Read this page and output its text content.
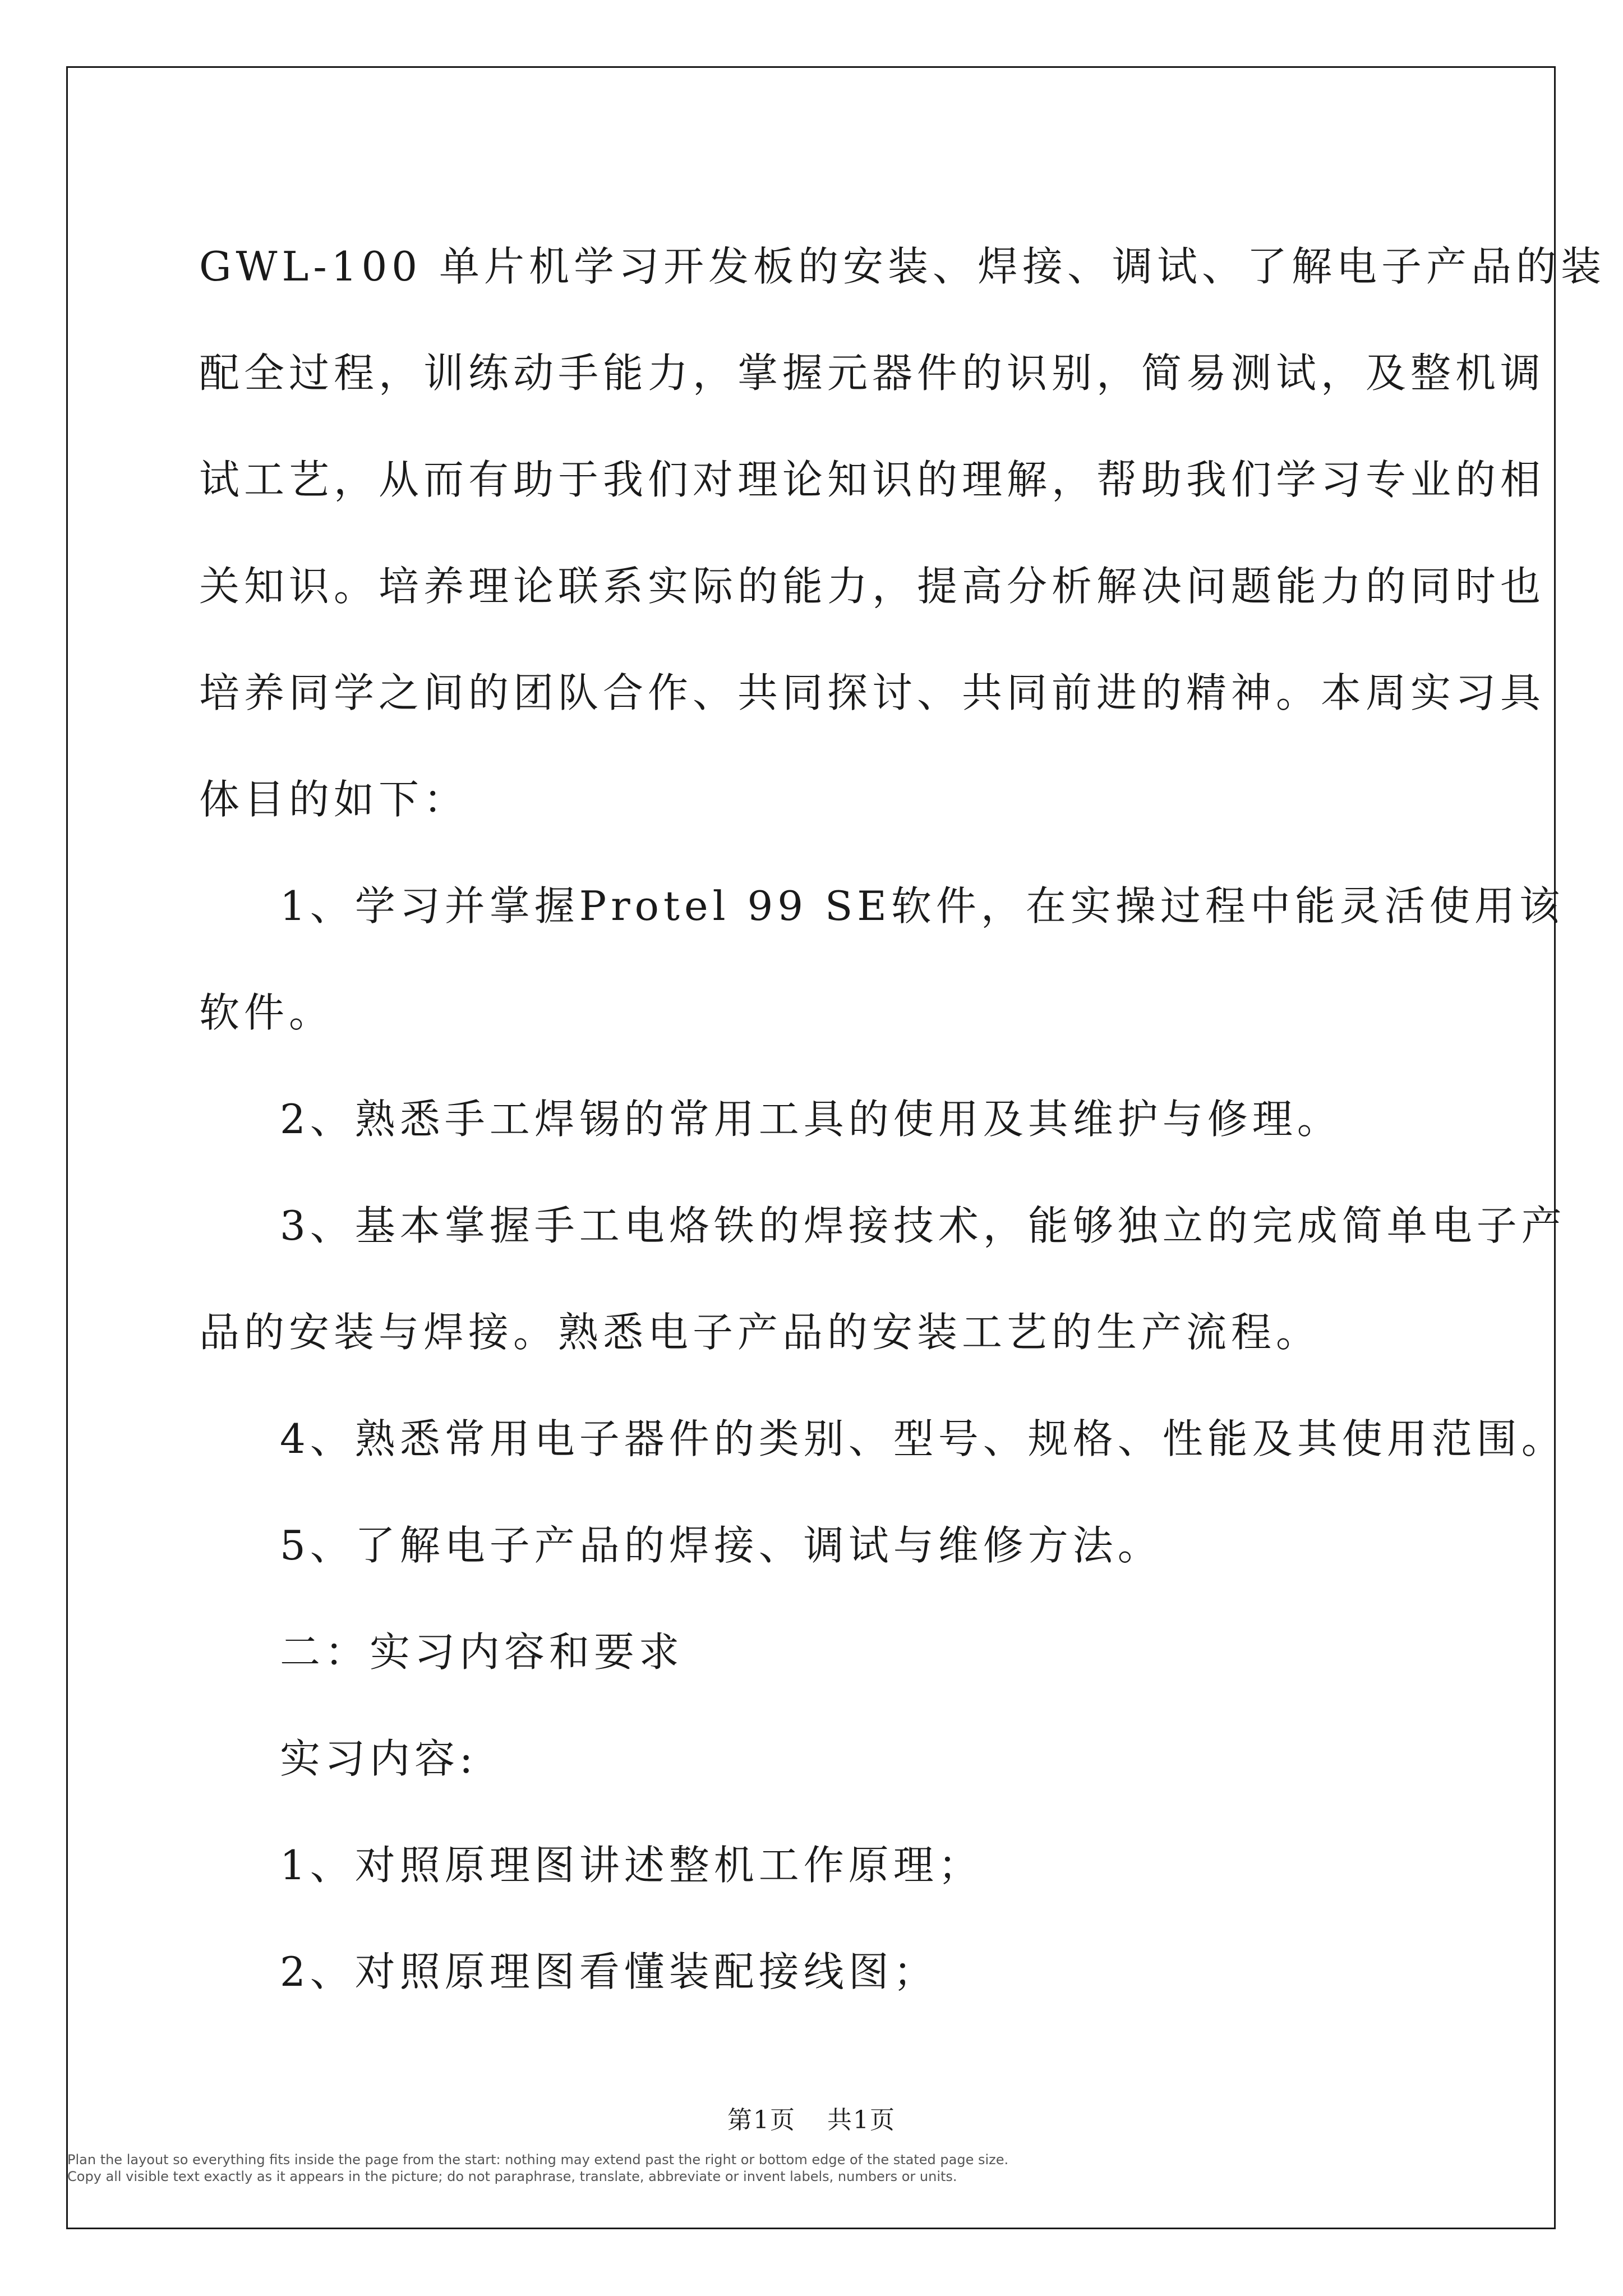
GWL-100 单片机学习开发板的安装、焊接、调试、了解电子产品的装

配全过程，训练动手能力，掌握元器件的识别，简易测试，及整机调

试工艺，从而有助于我们对理论知识的理解，帮助我们学习专业的相

关知识。培养理论联系实际的能力，提高分析解决问题能力的同时也

培养同学之间的团队合作、共同探讨、共同前进的精神。本周实习具

体目的如下：

1、学习并掌握Protel 99 SE软件，在实操过程中能灵活使用该

软件。

2、熟悉手工焊锡的常用工具的使用及其维护与修理。

3、基本掌握手工电烙铁的焊接技术，能够独立的完成简单电子产

品的安装与焊接。熟悉电子产品的安装工艺的生产流程。

4、熟悉常用电子器件的类别、型号、规格、性能及其使用范围。

5、了解电子产品的焊接、调试与维修方法。

二：实习内容和要求

实习内容:

1、对照原理图讲述整机工作原理；

2、对照原理图看懂装配接线图；

第1页 共1页
Plan the layout so everything fits inside the page from the start: nothing may extend past the right or bottom edge of the stated page size.
Copy all visible text exactly as it appears in the picture; do not paraphrase, translate, abbreviate or invent labels, numbers or units.
